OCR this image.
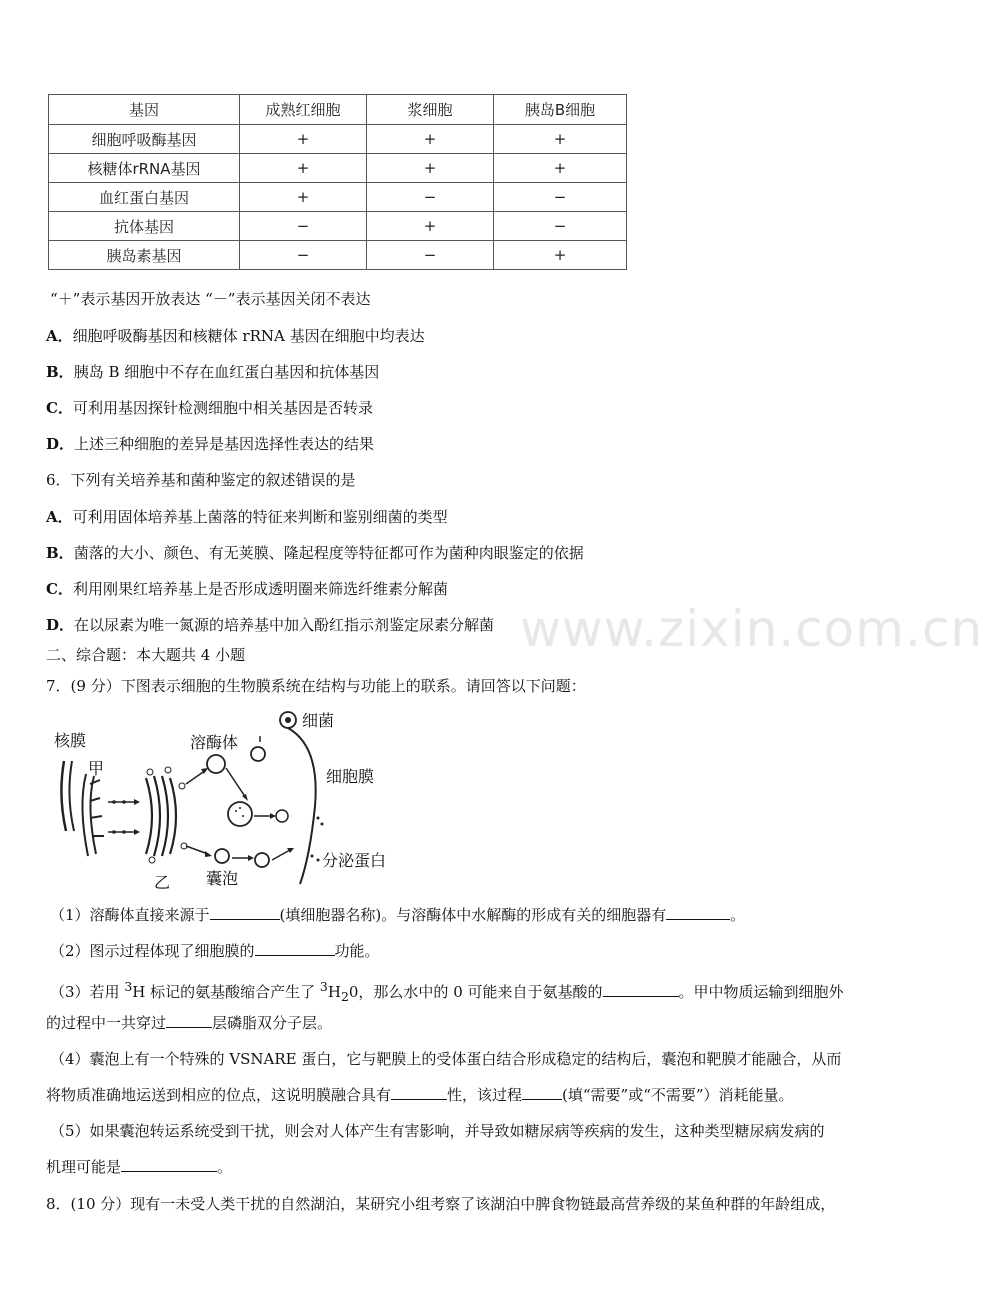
基因	成熟红细胞	浆细胞	胰岛B细胞
细胞呼吸酶基因	+	+	+
核糖体rRNA基因	+	+	+
血红蛋白基因	+	−	−
抗体基因	−	+	−
胰岛素基因	−	−	+
“＋”表示基因开放表达 “－”表示基因关闭不表达
A．细胞呼吸酶基因和核糖体 rRNA 基因在细胞中均表达
B．胰岛 B 细胞中不存在血红蛋白基因和抗体基因
C．可利用基因探针检测细胞中相关基因是否转录
D．上述三种细胞的差异是基因选择性表达的结果
6．下列有关培养基和菌种鉴定的叙述错误的是
A．可利用固体培养基上菌落的特征来判断和鉴别细菌的类型
B．菌落的大小、颜色、有无荚膜、隆起程度等特征都可作为菌种肉眼鉴定的依据
C．利用刚果红培养基上是否形成透明圈来筛选纤维素分解菌
D．在以尿素为唯一氮源的培养基中加入酚红指示剂鉴定尿素分解菌 www.zixin.com.cn
二、综合题：本大题共 4 小题
7．(9 分）下图表示细胞的生物膜系统在结构与功能上的联系。请回答以下问题：
核膜
甲
溶酶体
细菌
细胞膜
乙 囊泡
分泌蛋白
（1）溶酶体直接来源于	(填细胞器名称)。与溶酶体中水解酶的形成有关的细胞器有	。
（2）图示过程体现了细胞膜的	功能。
（3）若用 $^3$H 标记的氨基酸缩合产生了 $^3H_20$，那么水中的 0 可能来自于氨基酸的	。甲中物质运输到细胞外
的过程中一共穿过	层磷脂双分子层。
（4）囊泡上有一个特殊的 VSNARE 蛋白，它与靶膜上的受体蛋白结合形成稳定的结构后，囊泡和靶膜才能融合，从而
将物质准确地运送到相应的位点，这说明膜融合具有	性，该过程	(填“需要”或“不需要”）消耗能量。
（5）如果囊泡转运系统受到干扰，则会对人体产生有害影响，并导致如糖尿病等疾病的发生，这种类型糖尿病发病的
机理可能是	。
8．(10 分）现有一未受人类干扰的自然湖泊，某研究小组考察了该湖泊中脾食物链最高营养级的某鱼种群的年龄组成，
